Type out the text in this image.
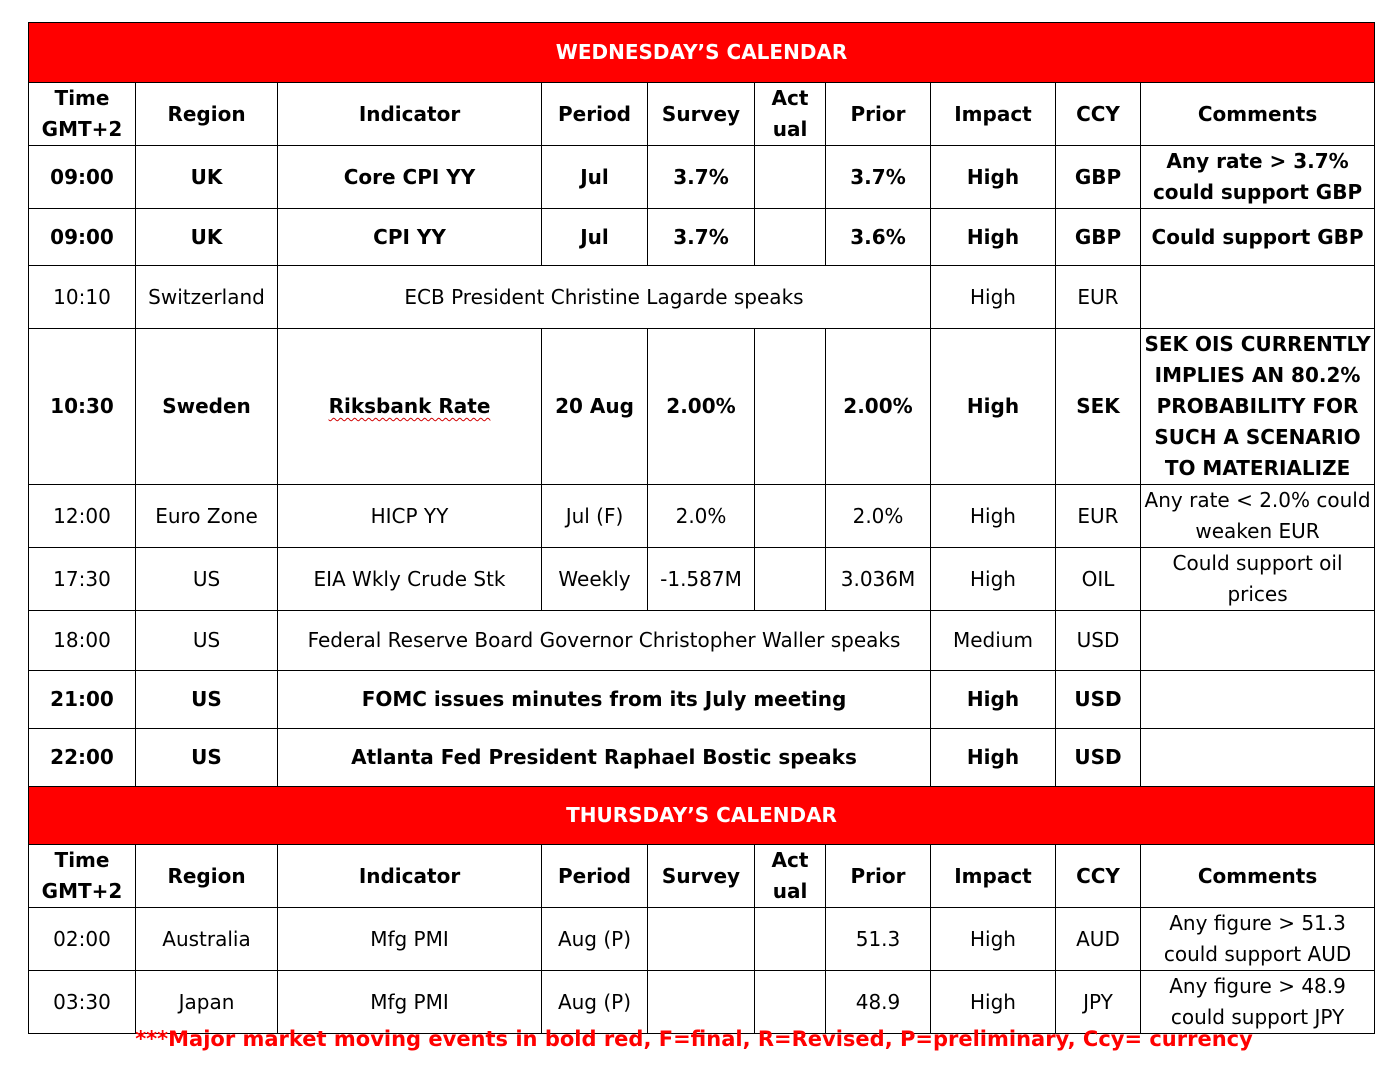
WEDNESDAY’S CALENDAR									
Time GMT+2	Region	Indicator	Period	Survey	Act ual	Prior	Impact	CCY	Comments
09:00	UK	Core CPI YY	Jul	3.7%		3.7%	High	GBP	Any rate > 3.7% could support GBP
09:00	UK	CPI YY	Jul	3.7%		3.6%	High	GBP	Could support GBP
10:10	Switzerland	ECB President Christine Lagarde speaks					High	EUR	
10:30	Sweden	Riksbank Rate	20 Aug	2.00%		2.00%	High	SEK	SEK OIS CURRENTLY IMPLIES AN 80.2% PROBABILITY FOR SUCH A SCENARIO TO MATERIALIZE
12:00	Euro Zone	HICP YY	Jul (F)	2.0%		2.0%	High	EUR	Any rate < 2.0% could weaken EUR
17:30	US	EIA Wkly Crude Stk	Weekly	-1.587M		3.036M	High	OIL	Could support oil prices
18:00	US	Federal Reserve Board Governor Christopher Waller speaks					Medium	USD	
21:00	US	FOMC issues minutes from its July meeting					High	USD	
22:00	US	Atlanta Fed President Raphael Bostic speaks					High	USD	
THURSDAY’S CALENDAR									
Time GMT+2	Region	Indicator	Period	Survey	Act ual	Prior	Impact	CCY	Comments
02:00	Australia	Mfg PMI	Aug (P)			51.3	High	AUD	Any figure > 51.3 could support AUD
03:30	Japan	Mfg PMI	Aug (P)			48.9	High	JPY	Any figure > 48.9 could support JPY
***Major market moving events in bold red, F=final, R=Revised, P=preliminary, Ccy= currency
